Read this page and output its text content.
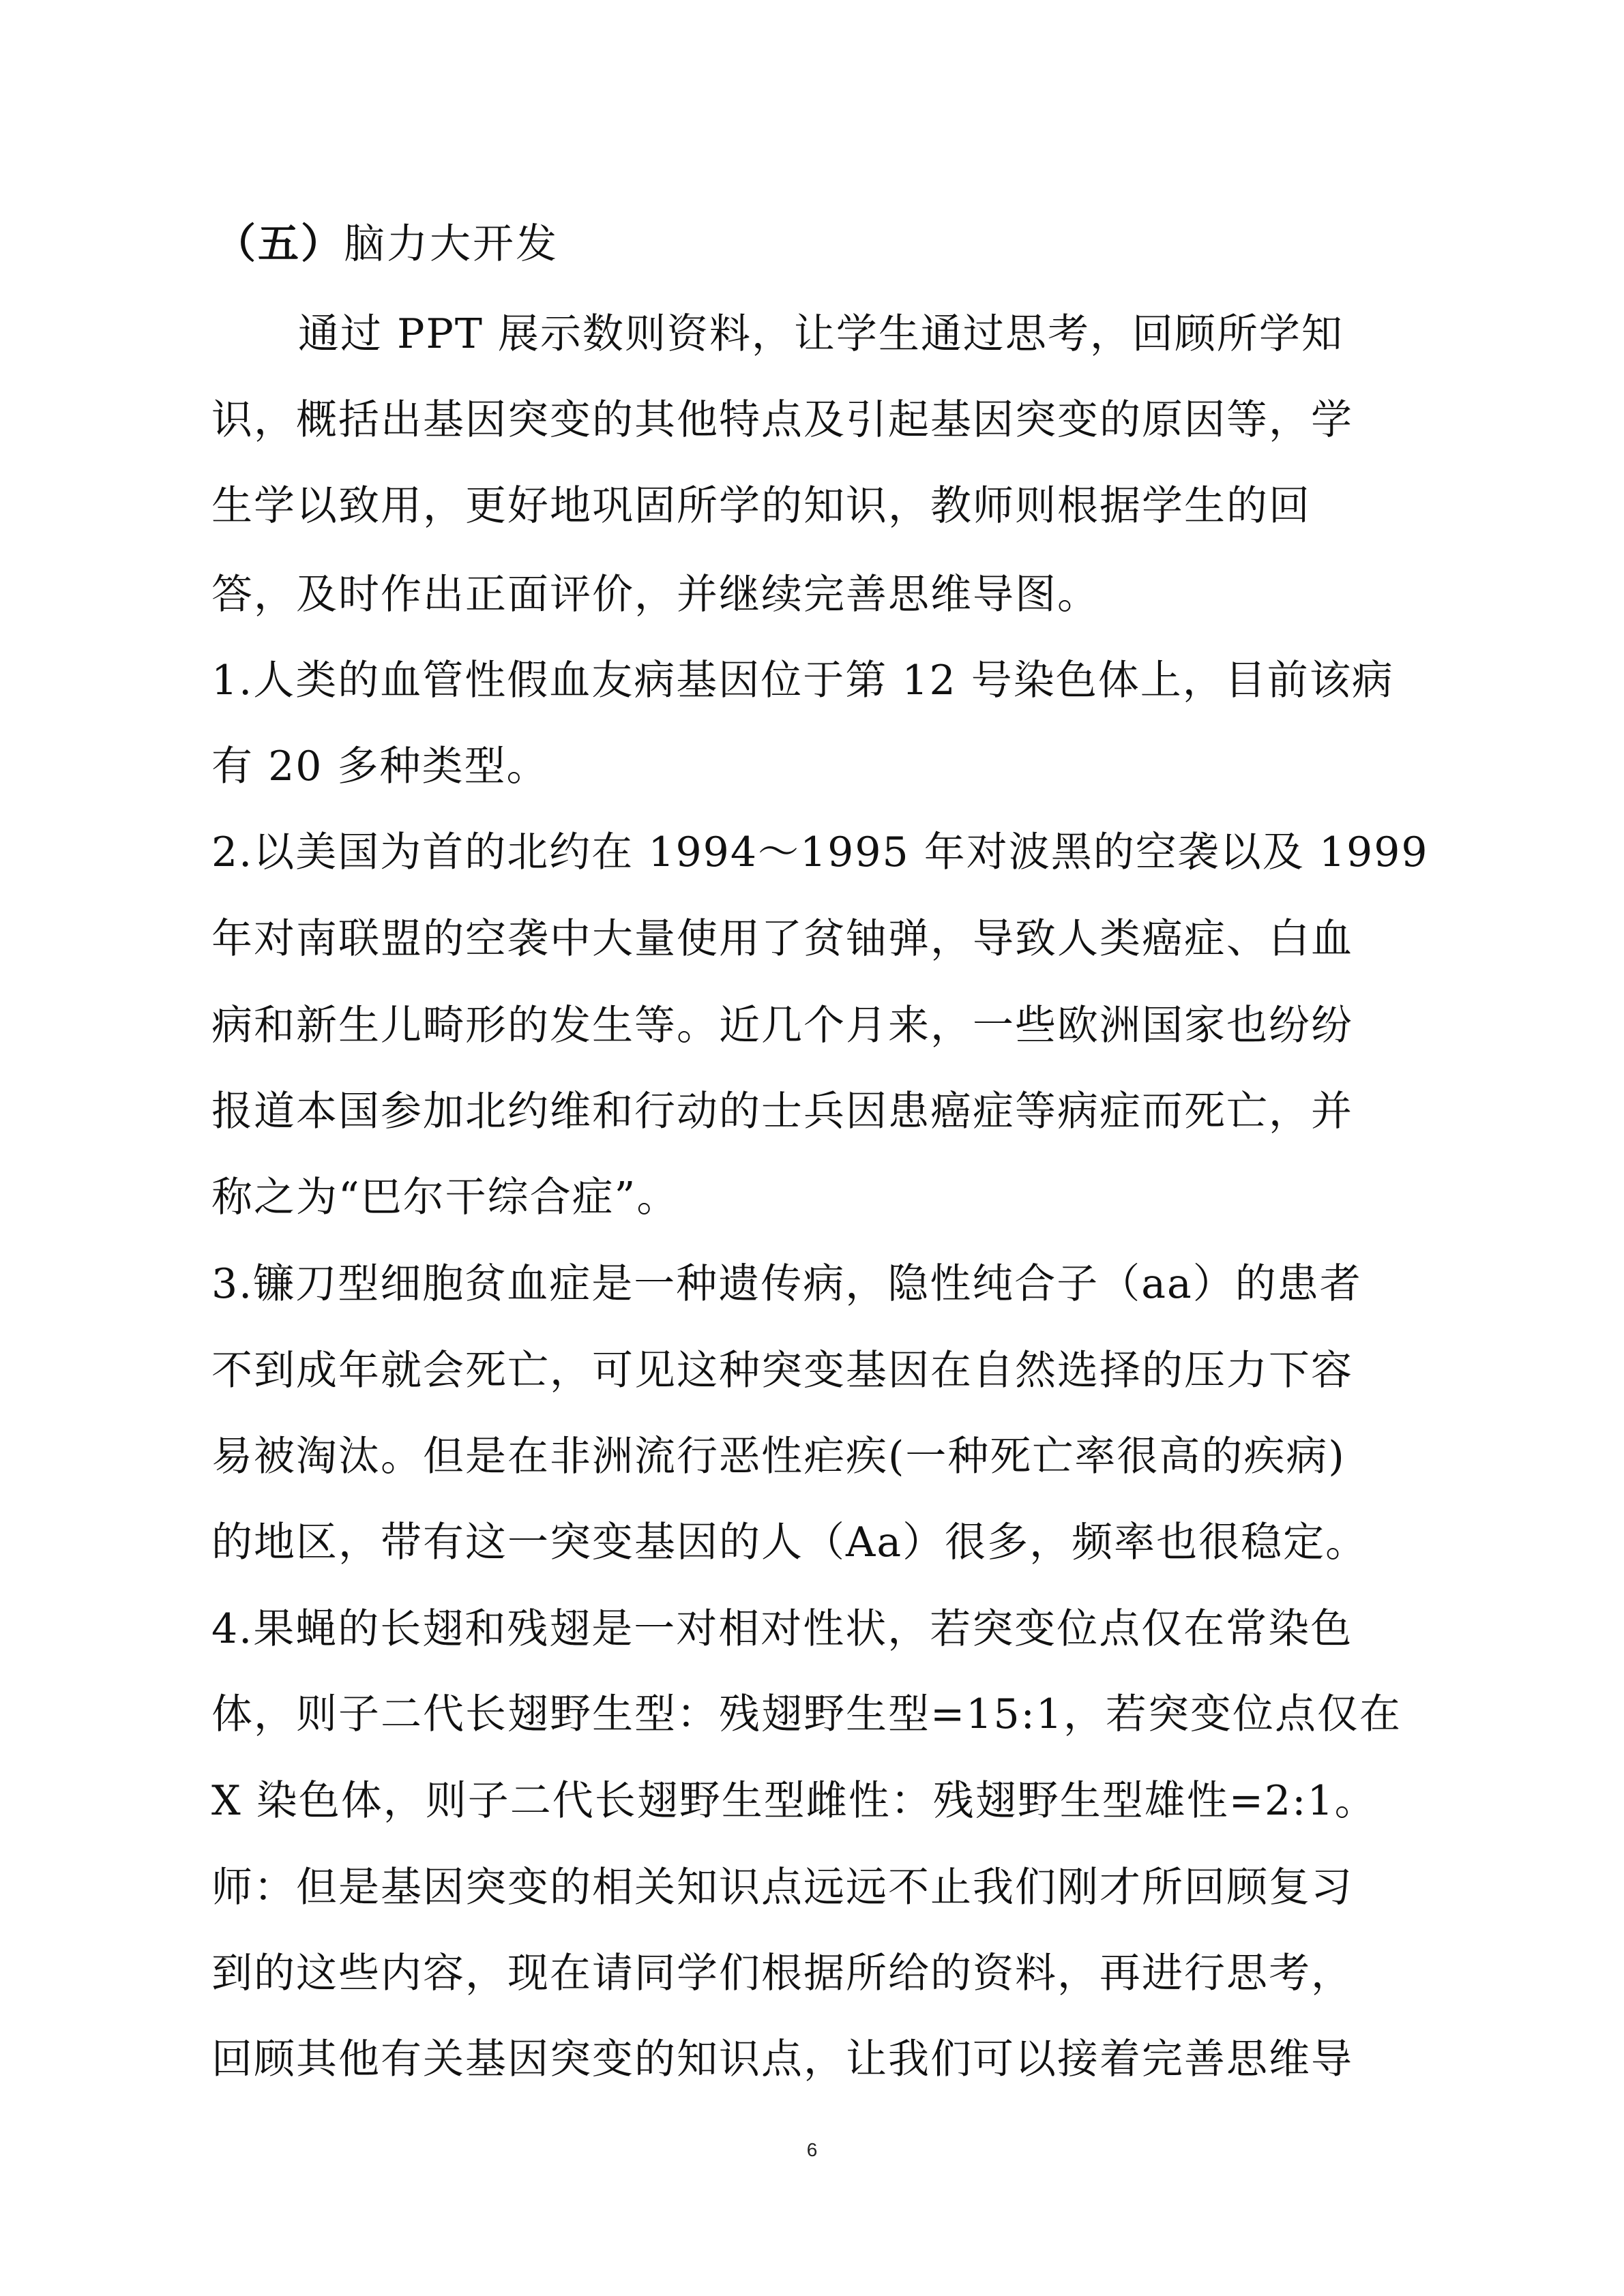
（五）脑力大开发
通过 PPT 展示数则资料，让学生通过思考，回顾所学知
识，概括出基因突变的其他特点及引起基因突变的原因等，学
生学以致用，更好地巩固所学的知识，教师则根据学生的回
答，及时作出正面评价，并继续完善思维导图。
1.人类的血管性假血友病基因位于第 12 号染色体上，目前该病
有 20 多种类型。
2.以美国为首的北约在 1994～1995 年对波黑的空袭以及 1999
年对南联盟的空袭中大量使用了贫铀弹，导致人类癌症、白血
病和新生儿畸形的发生等。近几个月来，一些欧洲国家也纷纷
报道本国参加北约维和行动的士兵因患癌症等病症而死亡，并
称之为“巴尔干综合症”。
3.镰刀型细胞贫血症是一种遗传病，隐性纯合子（aa）的患者
不到成年就会死亡，可见这种突变基因在自然选择的压力下容
易被淘汰。但是在非洲流行恶性疟疾(一种死亡率很高的疾病)
的地区，带有这一突变基因的人（Aa）很多，频率也很稳定。
4.果蝇的长翅和残翅是一对相对性状，若突变位点仅在常染色
体，则子二代长翅野生型：残翅野生型=15:1，若突变位点仅在
X 染色体，则子二代长翅野生型雌性：残翅野生型雄性=2:1。
师：但是基因突变的相关知识点远远不止我们刚才所回顾复习
到的这些内容，现在请同学们根据所给的资料，再进行思考，
回顾其他有关基因突变的知识点，让我们可以接着完善思维导
6
